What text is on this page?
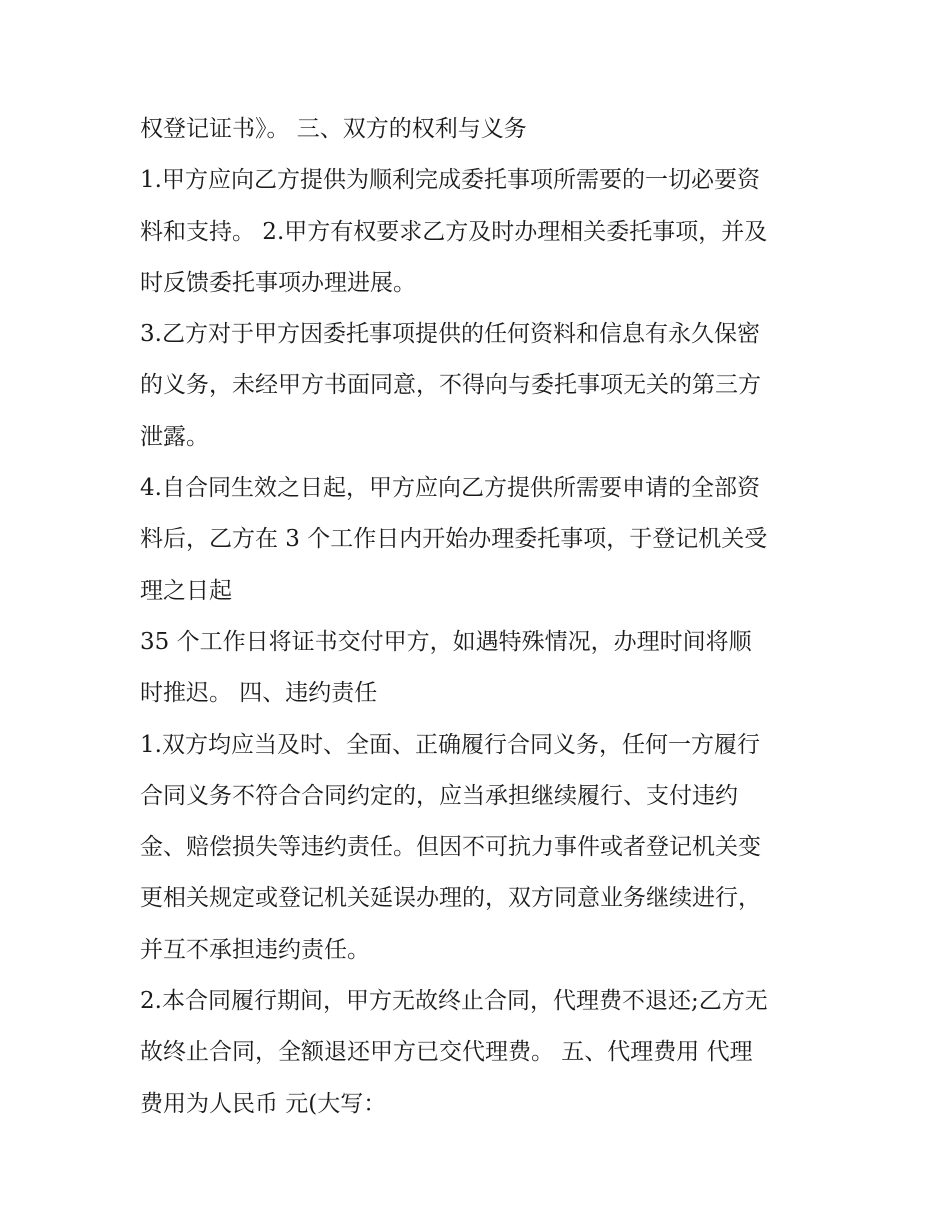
权登记证书》。 三、双方的权利与义务
1.甲方应向乙方提供为顺利完成委托事项所需要的一切必要资
料和支持。 2.甲方有权要求乙方及时办理相关委托事项，并及
时反馈委托事项办理进展。
3.乙方对于甲方因委托事项提供的任何资料和信息有永久保密
的义务，未经甲方书面同意，不得向与委托事项无关的第三方
泄露。
4.自合同生效之日起，甲方应向乙方提供所需要申请的全部资
料后，乙方在 3 个工作日内开始办理委托事项，于登记机关受
理之日起
35 个工作日将证书交付甲方，如遇特殊情况，办理时间将顺
时推迟。 四、违约责任
1.双方均应当及时、全面、正确履行合同义务，任何一方履行
合同义务不符合合同约定的，应当承担继续履行、支付违约
金、赔偿损失等违约责任。但因不可抗力事件或者登记机关变
更相关规定或登记机关延误办理的，双方同意业务继续进行，
并互不承担违约责任。
2.本合同履行期间，甲方无故终止合同，代理费不退还;乙方无
故终止合同，全额退还甲方已交代理费。 五、代理费用 代理
费用为人民币 元(大写：
